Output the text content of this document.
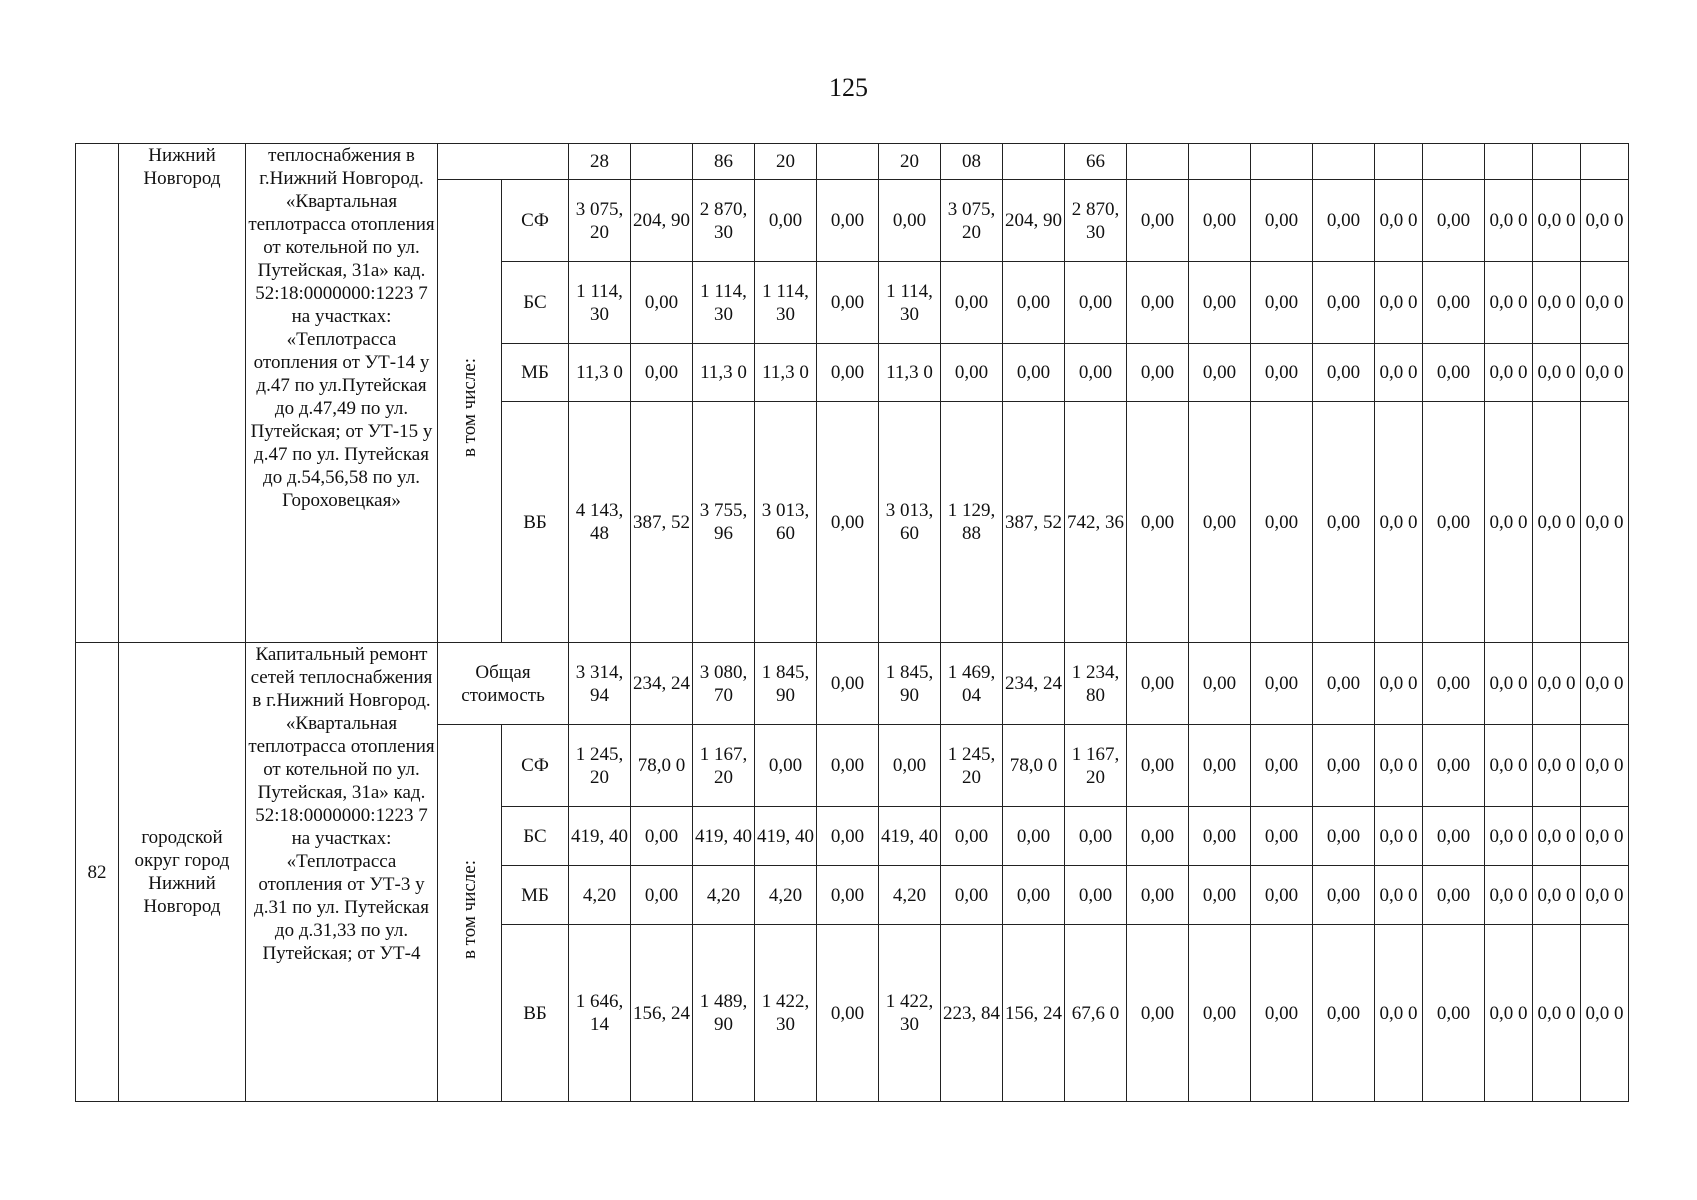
125
	Нижний Новгород	теплоснабжения в г.Нижний Новгород. «Квартальная теплотрасса отопления от котельной по ул. Путейская, 31а» кад. 52:18:0000000:1223 7 на участках: «Теплотрасса отопления от УТ-14 у д.47 по ул.Путейская до д.47,49 по ул. Путейская; от УТ-15 у д.47 по ул. Путейская до д.54,56,58 по ул. Гороховецкая»			28		86	20		20	08		66									
			в том числе:	СФ	3 075, 20	204, 90	2 870, 30	0,00	0,00	0,00	3 075, 20	204, 90	2 870, 30	0,00	0,00	0,00	0,00	0,0 0	0,00	0,0 0	0,0 0	0,0 0
				БС	1 114, 30	0,00	1 114, 30	1 114, 30	0,00	1 114, 30	0,00	0,00	0,00	0,00	0,00	0,00	0,00	0,0 0	0,00	0,0 0	0,0 0	0,0 0
				МБ	11,3 0	0,00	11,3 0	11,3 0	0,00	11,3 0	0,00	0,00	0,00	0,00	0,00	0,00	0,00	0,0 0	0,00	0,0 0	0,0 0	0,0 0
				ВБ	4 143, 48	387, 52	3 755, 96	3 013, 60	0,00	3 013, 60	1 129, 88	387, 52	742, 36	0,00	0,00	0,00	0,00	0,0 0	0,00	0,0 0	0,0 0	0,0 0
82	городской округ город Нижний Новгород	Капитальный ремонт сетей теплоснабжения в г.Нижний Новгород. «Квартальная теплотрасса отопления от котельной по ул. Путейская, 31а» кад. 52:18:0000000:1223 7 на участках: «Теплотрасса отопления от УТ-3 у д.31 по ул. Путейская до д.31,33 по ул. Путейская; от УТ-4	Общая стоимость		3 314, 94	234, 24	3 080, 70	1 845, 90	0,00	1 845, 90	1 469, 04	234, 24	1 234, 80	0,00	0,00	0,00	0,00	0,0 0	0,00	0,0 0	0,0 0	0,0 0
			в том числе:	СФ	1 245, 20	78,0 0	1 167, 20	0,00	0,00	0,00	1 245, 20	78,0 0	1 167, 20	0,00	0,00	0,00	0,00	0,0 0	0,00	0,0 0	0,0 0	0,0 0
				БС	419, 40	0,00	419, 40	419, 40	0,00	419, 40	0,00	0,00	0,00	0,00	0,00	0,00	0,00	0,0 0	0,00	0,0 0	0,0 0	0,0 0
				МБ	4,20	0,00	4,20	4,20	0,00	4,20	0,00	0,00	0,00	0,00	0,00	0,00	0,00	0,0 0	0,00	0,0 0	0,0 0	0,0 0
				ВБ	1 646, 14	156, 24	1 489, 90	1 422, 30	0,00	1 422, 30	223, 84	156, 24	67,6 0	0,00	0,00	0,00	0,00	0,0 0	0,00	0,0 0	0,0 0	0,0 0
